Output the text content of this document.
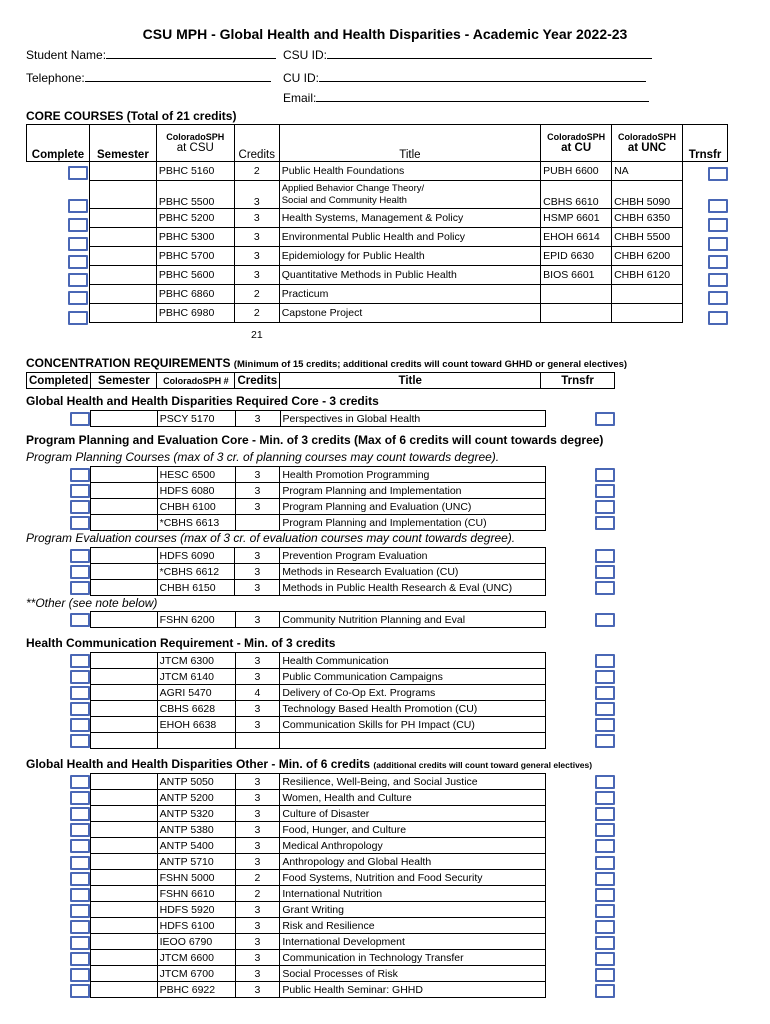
CSU MPH - Global Health and Health Disparities - Academic Year 2022-23
Student Name:	CSU ID:
Telephone:	CU ID:
Email:
CORE COURSES (Total of 21 credits)
Complete	Semester	ColoradoSPH
at CSU	Credits	Title	ColoradoSPH
at CU	ColoradoSPH
at UNC	Trnsfr
		PBHC 5160	2	Public Health Foundations	PUBH 6600	NA	
		PBHC 5500	3	Applied Behavior Change Theory/
Social and Community Health	CBHS 6610	CHBH 5090	
		PBHC 5200	3	Health Systems, Management & Policy	HSMP 6601	CHBH 6350	
		PBHC 5300	3	Environmental Public Health and Policy	EHOH 6614	CHBH 5500	
		PBHC 5700	3	Epidemiology for Public Health	EPID 6630	CHBH 6200	
		PBHC 5600	3	Quantitative Methods in Public Health	BIOS 6601	CHBH 6120	
		PBHC 6860	2	Practicum			
		PBHC 6980	2	Capstone Project			
21
CONCENTRATION REQUIREMENTS (Minimum of 15 credits; additional credits will count toward GHHD or general electives)
Completed	Semester	ColoradoSPH #	Credits	Title	Trnsfr
Global Health and Health Disparities Required Core - 3 credits
	PSCY 5170	3	Perspectives in Global Health
Program Planning and Evaluation Core - Min. of 3 credits (Max of 6 credits will count towards degree)
Program Planning Courses (max of 3 cr. of planning courses may count towards degree).
	HESC 6500	3	Health Promotion Programming
	HDFS 6080	3	Program Planning and Implementation
	CHBH 6100	3	Program Planning and Evaluation (UNC)
	*CBHS 6613		Program Planning and Implementation (CU)
Program Evaluation courses (max of 3 cr. of evaluation courses may count towards degree).
	HDFS 6090	3	Prevention Program Evaluation
	*CBHS 6612	3	Methods in Research Evaluation (CU)
	CHBH 6150	3	Methods in Public Health Research & Eval (UNC)
**Other (see note below)
	FSHN 6200	3	Community Nutrition Planning and Eval
Health Communication Requirement - Min. of 3 credits
	JTCM 6300	3	Health Communication
	JTCM 6140	3	Public Communication Campaigns
	AGRI 5470	4	Delivery of Co-Op Ext. Programs
	CBHS 6628	3	Technology Based Health Promotion (CU)
	EHOH 6638	3	Communication Skills for PH Impact (CU)

Global Health and Health Disparities Other - Min. of 6 credits (additional credits will count toward general electives)
	ANTP 5050	3	Resilience, Well-Being, and Social Justice
	ANTP 5200	3	Women, Health and Culture
	ANTP 5320	3	Culture of Disaster
	ANTP 5380	3	Food, Hunger, and Culture
	ANTP 5400	3	Medical Anthropology
	ANTP 5710	3	Anthropology and Global Health
	FSHN 5000	2	Food Systems, Nutrition and Food Security
	FSHN 6610	2	International Nutrition
	HDFS 5920	3	Grant Writing
	HDFS 6100	3	Risk and Resilience
	IEOO 6790	3	International Development
	JTCM 6600	3	Communication in Technology Transfer
	JTCM 6700	3	Social Processes of Risk
	PBHC 6922	3	Public Health Seminar: GHHD
